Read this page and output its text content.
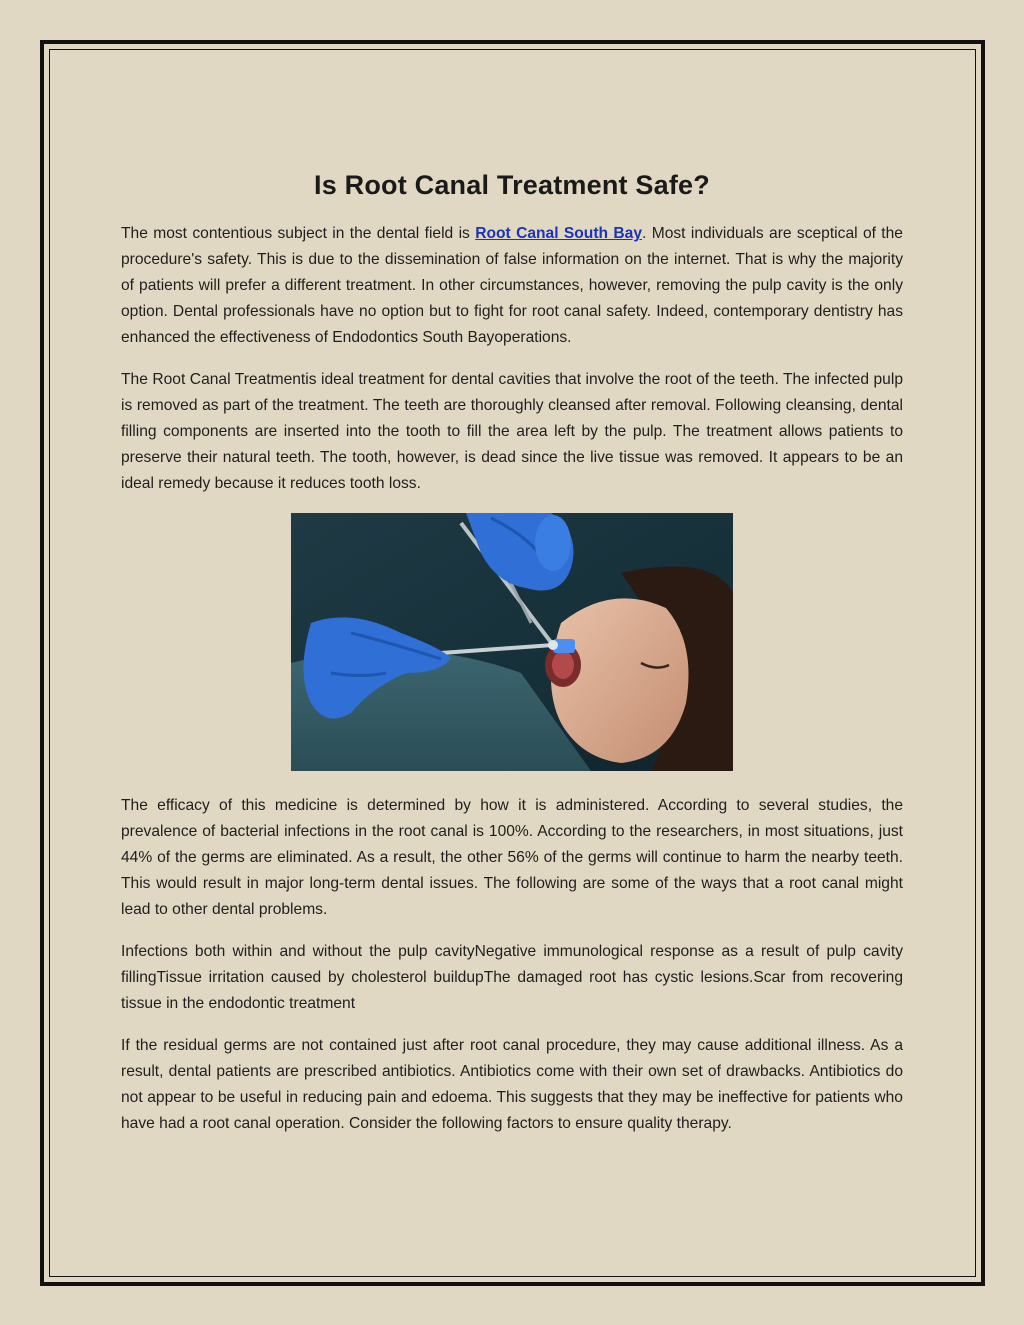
Is Root Canal Treatment Safe?

The most contentious subject in the dental field is Root Canal South Bay. Most individuals are sceptical of the procedure's safety. This is due to the dissemination of false information on the internet. That is why the majority of patients will prefer a different treatment. In other circumstances, however, removing the pulp cavity is the only option. Dental professionals have no option but to fight for root canal safety. Indeed, contemporary dentistry has enhanced the effectiveness of Endodontics South Bayoperations.

The Root Canal Treatmentis ideal treatment for dental cavities that involve the root of the teeth. The infected pulp is removed as part of the treatment. The teeth are thoroughly cleansed after removal. Following cleansing, dental filling components are inserted into the tooth to fill the area left by the pulp. The treatment allows patients to preserve their natural teeth. The tooth, however, is dead since the live tissue was removed. It appears to be an ideal remedy because it reduces tooth loss.

The efficacy of this medicine is determined by how it is administered. According to several studies, the prevalence of bacterial infections in the root canal is 100%. According to the researchers, in most situations, just 44% of the germs are eliminated. As a result, the other 56% of the germs will continue to harm the nearby teeth. This would result in major long-term dental issues. The following are some of the ways that a root canal might lead to other dental problems.

Infections both within and without the pulp cavityNegative immunological response as a result of pulp cavity fillingTissue irritation caused by cholesterol buildupThe damaged root has cystic lesions.Scar from recovering tissue in the endodontic treatment

If the residual germs are not contained just after root canal procedure, they may cause additional illness. As a result, dental patients are prescribed antibiotics. Antibiotics come with their own set of drawbacks. Antibiotics do not appear to be useful in reducing pain and edoema. This suggests that they may be ineffective for patients who have had a root canal operation. Consider the following factors to ensure quality therapy.
